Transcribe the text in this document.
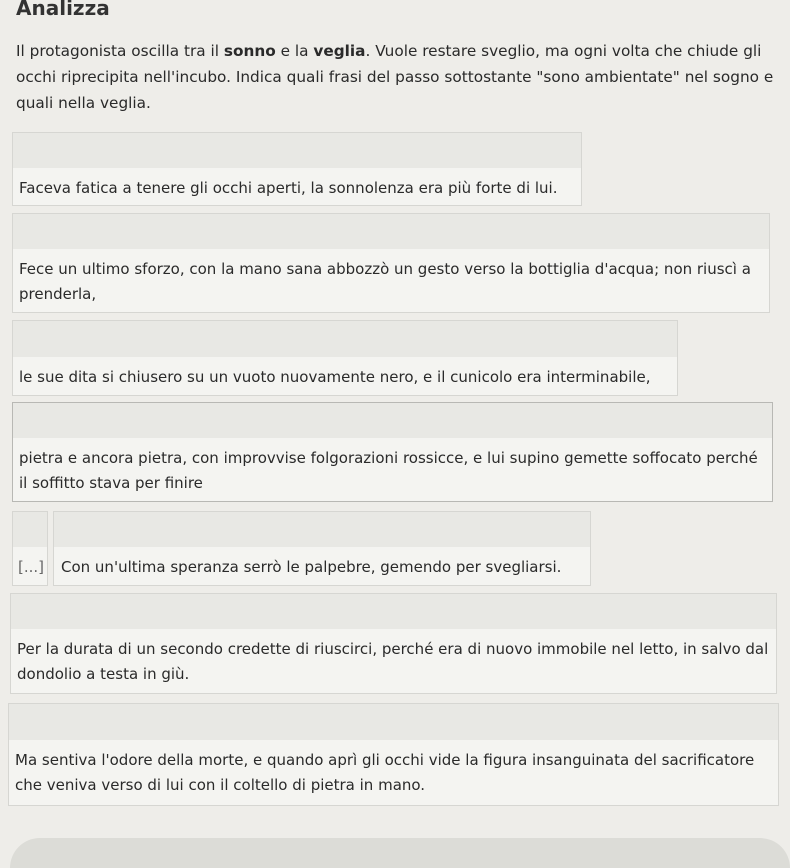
Analizza
Il protagonista oscilla tra il sonno e la veglia. Vuole restare sveglio, ma ogni volta che chiude gli occhi riprecipita nell'incubo. Indica quali frasi del passo sottostante "sono ambientate" nel sogno e quali nella veglia.
Faceva fatica a tenere gli occhi aperti, la sonnolenza era più forte di lui.
Fece un ultimo sforzo, con la mano sana abbozzò un gesto verso la bottiglia d'acqua; non riuscì a prenderla,
le sue dita si chiusero su un vuoto nuovamente nero, e il cunicolo era interminabile,
pietra e ancora pietra, con improvvise folgorazioni rossicce, e lui supino gemette soffocato perché il soffitto stava per finire
[...]	Con un'ultima speranza serrò le palpebre, gemendo per svegliarsi.
Per la durata di un secondo credette di riuscirci, perché era di nuovo immobile nel letto, in salvo dal dondolio a testa in giù.
Ma sentiva l'odore della morte, e quando aprì gli occhi vide la figura insanguinata del sacrificatore che veniva verso di lui con il coltello di pietra in mano.
